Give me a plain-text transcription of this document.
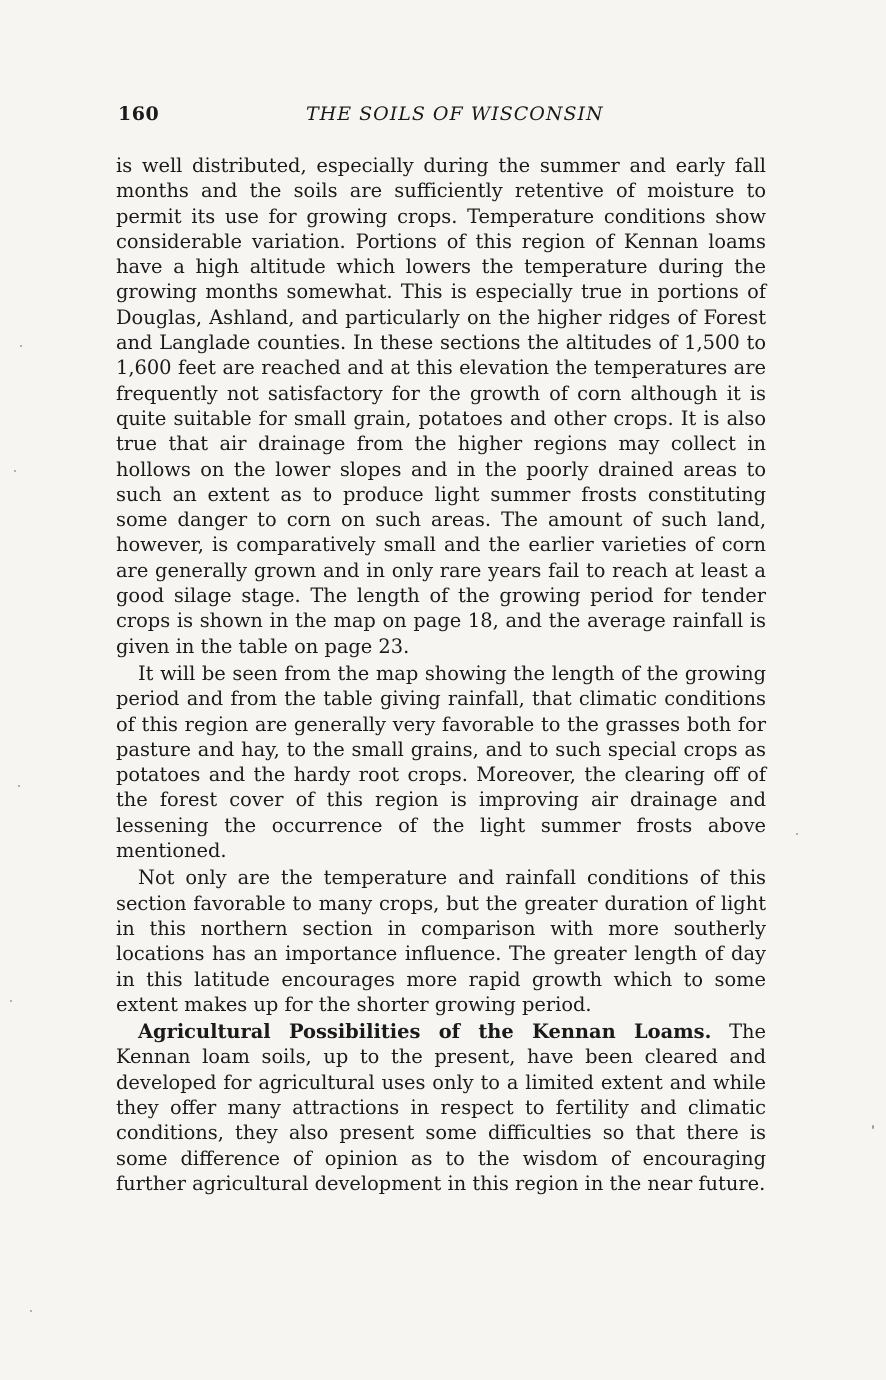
160	THE SOILS OF WISCONSIN

is well distributed, especially during the summer and early fall months and the soils are sufficiently retentive of moisture to permit its use for growing crops. Temperature conditions show considerable variation. Portions of this region of Kennan loams have a high altitude which lowers the temperature during the growing months somewhat. This is especially true in portions of Douglas, Ashland, and particularly on the higher ridges of Forest and Langlade counties. In these sections the altitudes of 1,500 to 1,600 feet are reached and at this elevation the temperatures are frequently not satisfactory for the growth of corn although it is quite suitable for small grain, potatoes and other crops. It is also true that air drainage from the higher regions may collect in hollows on the lower slopes and in the poorly drained areas to such an extent as to produce light summer frosts constituting some danger to corn on such areas. The amount of such land, however, is comparatively small and the earlier varieties of corn are generally grown and in only rare years fail to reach at least a good silage stage. The length of the growing period for tender crops is shown in the map on page 18, and the average rainfall is given in the table on page 23.

It will be seen from the map showing the length of the growing period and from the table giving rainfall, that climatic conditions of this region are generally very favorable to the grasses both for pasture and hay, to the small grains, and to such special crops as potatoes and the hardy root crops. Moreover, the clearing off of the forest cover of this region is improving air drainage and lessening the occurrence of the light summer frosts above mentioned.

Not only are the temperature and rainfall conditions of this section favorable to many crops, but the greater duration of light in this northern section in comparison with more southerly locations has an importance influence. The greater length of day in this latitude encourages more rapid growth which to some extent makes up for the shorter growing period.

Agricultural Possibilities of the Kennan Loams. The Kennan loam soils, up to the present, have been cleared and developed for agricultural uses only to a limited extent and while they offer many attractions in respect to fertility and climatic conditions, they also present some difficulties so that there is some difference of opinion as to the wisdom of encouraging further agricultural development in this region in the near future.
